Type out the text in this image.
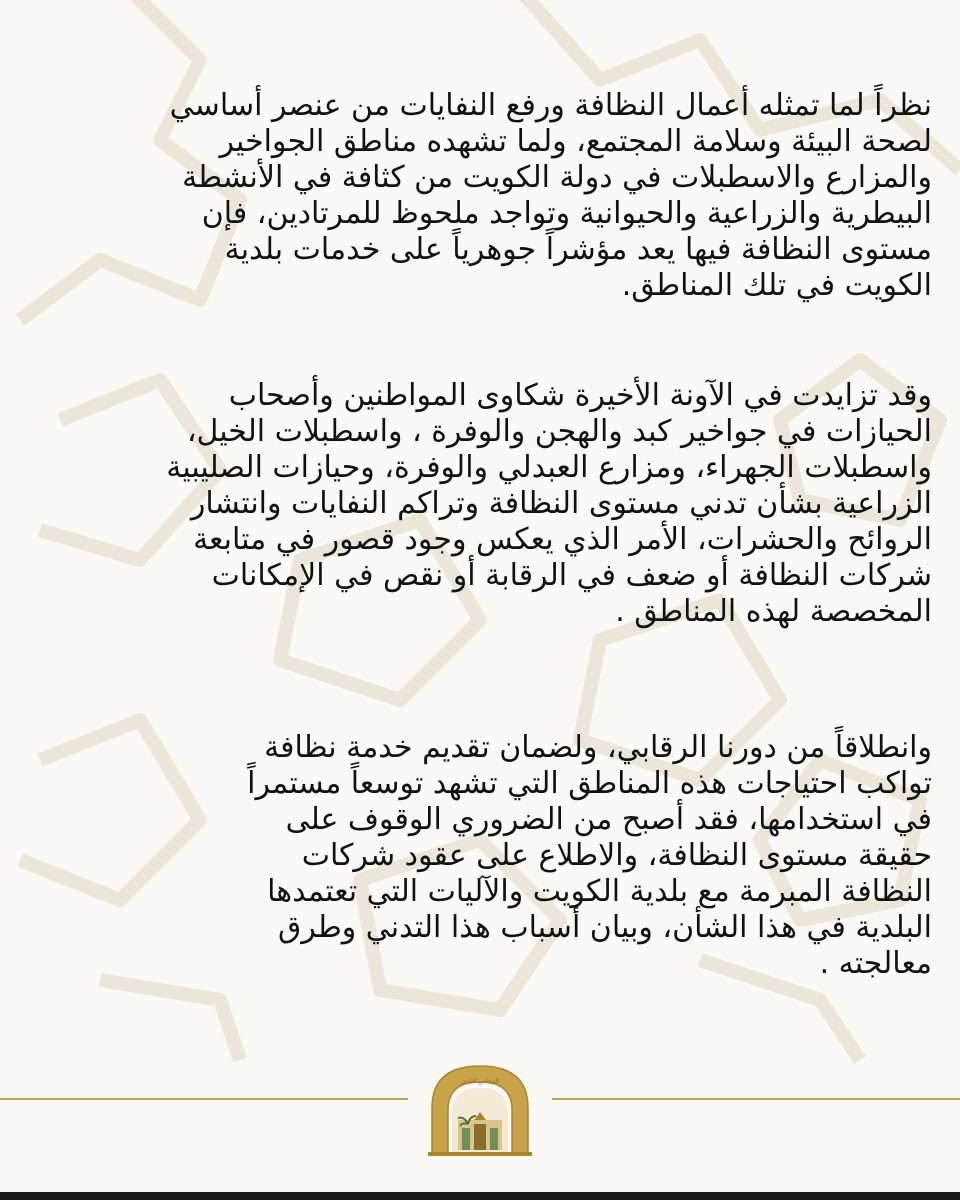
نظراً لما تمثله أعمال النظافة ورفع النفايات من عنصر أساسي
لصحة البيئة وسلامة المجتمع، ولما تشهده مناطق الجواخير
والمزارع والاسطبلات في دولة الكويت من كثافة في الأنشطة
البيطرية والزراعية والحيوانية وتواجد ملحوظ للمرتادين، فإن
مستوى النظافة فيها يعد مؤشراً جوهرياً على خدمات بلدية
الكويت في تلك المناطق.

وقد تزايدت في الآونة الأخيرة شكاوى المواطنين وأصحاب
الحيازات في جواخير كبد والهجن والوفرة ، واسطبلات الخيل،
واسطبلات الجهراء، ومزارع العبدلي والوفرة، وحيازات الصليبية
الزراعية بشأن تدني مستوى النظافة وتراكم النفايات وانتشار
الروائح والحشرات، الأمر الذي يعكس وجود قصور في متابعة
شركات النظافة أو ضعف في الرقابة أو نقص في الإمكانات
المخصصة لهذه المناطق .

وانطلاقاً من دورنا الرقابي، ولضمان تقديم خدمة نظافة
تواكب احتياجات هذه المناطق التي تشهد توسعاً مستمراً
في استخدامها، فقد أصبح من الضروري الوقوف على
حقيقة مستوى النظافة، والاطلاع على عقود شركات
النظافة المبرمة مع بلدية الكويت والآليات التي تعتمدها
البلدية في هذا الشأن، وبيان أسباب هذا التدني وطرق
معالجته .

المجلس البلدي
